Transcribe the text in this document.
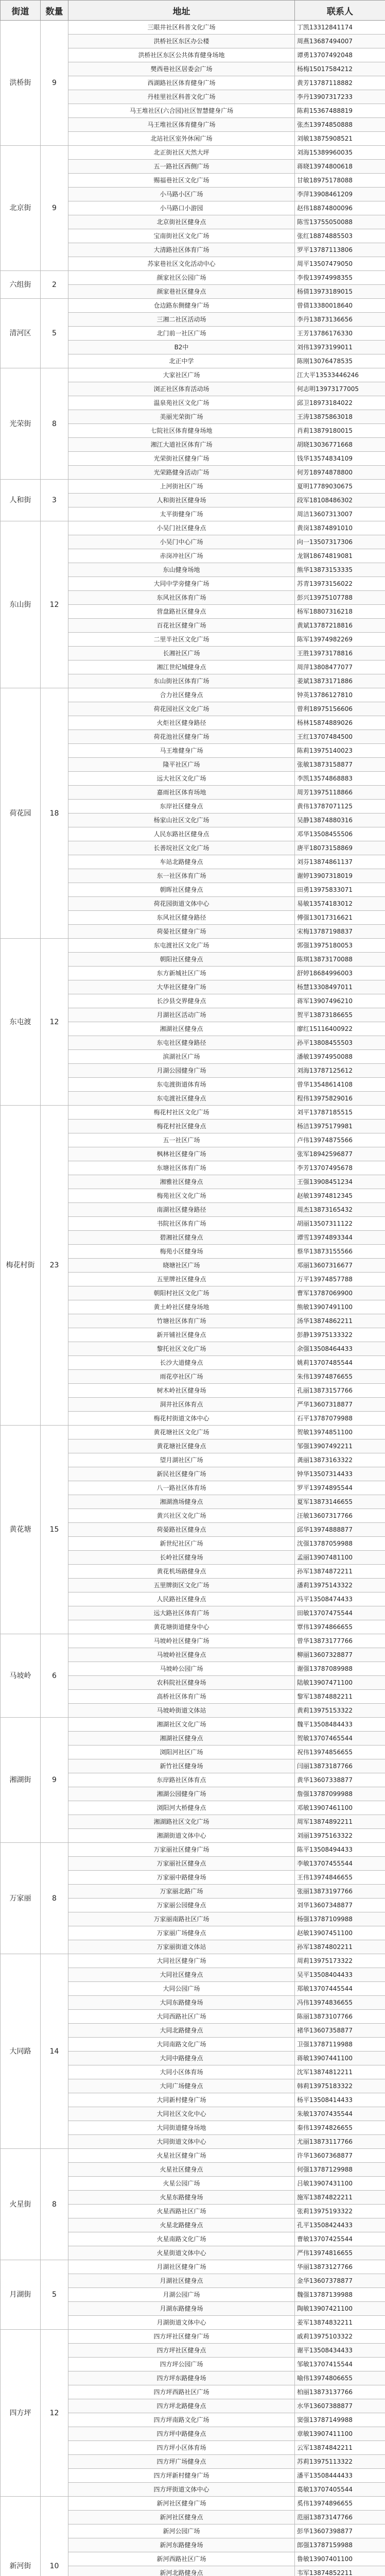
街道	数量	地址	联系人
洪桥街	9	三眼井社区科普文化广场	丁凯13312841174
		洪桥社区东区办公楼	周燕13687494007
		洪桥社区东区公共体育健身场地	谭勇13707492048
		樊西巷社区居委会广场	杨梅15017584212
		西湖路社区体育健身广场	黄芳13787118882
		丹桂里社区科普文化广场	李丹13907317233
		马王堆社区(六合园)社区智慧健身广场	陈莉15367488819
		马王堆社区体育健身广场	张杰13974850888
		北站社区室外休闲广场	刘敏13875908521
北京街	9	北正街社区天然大坪	刘海15389960035
		五一路社区西侧广场	蒋晓13974800618
		赐福巷社区文化广场	甘敏18975178088
		小马路小区广场	李萍13908461209
		小马路口小游园	赵伟18874800096
		北京街社区健身点	陈雪13755050088
		宝南街社区文化广场	张红18874885503
		大清路社区体育广场	罗平13787113806
		苏家巷社区文化活动中心	周平13507479050
六组街	2	颜家社区公园广场	李俊13974998355
		颜家巷社区健身点	杨倩13973189015
清河区	5	仓边路东侧健身广场	曾倩13380018640
		三湘二社区活动场	李丹13873136656
		北门前一社区广场	王芳13786176330
		B2中	刘伟13973199011
		北正中学	陈刚13076478535
光荣街	8	大家社区广场	江大平13533446246
		浏正社区体育活动场	何志明13973177005
		温泉苑社区文化广场	邱卫18973184022
		美丽光荣街广场	王涛13875863018
		七院社区体育健身场地	肖莉13879180015
		湘江大道社区体育广场	胡晓13036771668
		光荣街社区健身广场	钱华13574834109
		光荣路健身活动广场	何芳18974878800
人和街	3	上河街社区广场	夏明17789030675
		人和街社区健身场	段军18108486302
		太平街健身广场	周洁13607313007
东山街	12	小吴门社区健身点	黄岗13874891010
		小吴门中心广场	向一13507317306
		赤岗冲社区广场	龙钢18674819081
		东山健身场地	熊华13873153335
		大同中学旁健身广场	苏青13973156022
		东风社区体育广场	彭兴13975107788
		营盘路社区健身点	杨军18807316218
		百花社区健身广场	黄斌13787218816
		二里半社区文化广场	陈军13974982269
		长湘社区广场	王胜13973178816
		湘江世纪城健身点	周萍13808477077
		东山街社区体育广场	姜斌13873171886
荷花园	18	合力社区健身点	钟英13786127810
		荷花园社区文化广场	曾利18975156606
		火炬社区健身路径	杨林15874889026
		荷花池社区健身广场	王红13707484500
		马王堆健身广场	陈莉13975140023
		隆平社区广场	张敏13873158877
		远大社区文化广场	李凯13574868883
		嘉雨社区体育场地	周芳13975118866
		东岸社区健身点	黄伟13787071125
		杨家山社区文化广场	吴静13874880316
		人民东路社区健身点	邓华13508455506
		长善垸社区文化广场	唐平18073158869
		车站北路健身点	刘芬13874861137
		东一社区体育广场	谢婷13907318019
		朝晖社区健身点	田勇13975833071
		荷花园街道文体中心	易敏13574183012
		东风社区健身路径	傅强13017316621
		荷晏社区健身广场	宋梅13787198837
东屯渡	12	东屯渡社区文化广场	郭强13975180053
		朝阳社区健身点	陈琪13873170088
		东方新城社区广场	舒婷18684996003
		大华社区健身广场	杨慧13308497011
		长沙县交界健身点	蒋军13907496210
		月湖社区活动广场	贺平13873186655
		湘湖社区健身点	廖红15116400922
		东屯社区健身路径	孙平13808455503
		滨湖社区广场	潘敏13974950088
		月湖公园健身广场	刘海13787125612
		东屯渡街道体育场	曾华13548614108
		东屯渡社区健身点	程伟13975829016
梅花村街	23	梅花村社区文化广场	刘平13787185515
		梅花村社区健身点	杨洁13975179981
		五一社区广场	卢伟13974875566
		枫林社区健身广场	张军18942596877
		东塘社区体育广场	李芳13707495678
		湘雅社区健身点	王强13908451234
		梅苑社区文化广场	赵敏13974812345
		南湖社区健身路径	周杰13873165432
		书院社区体育广场	胡丽13507311122
		碧湘社区健身点	谭雪13974893344
		梅苑小区健身场	蔡华13873155566
		晓塘社区广场	邓丽13607316677
		五里牌社区健身点	万平13974857788
		朝阳村社区文化广场	曹军13787069900
		黄土岭社区健身场地	熊敏13907491100
		竹塘社区体育广场	汤华13874862211
		新开铺社区健身点	彭静13975133322
		黎托社区文化广场	余强13508464433
		长沙大道健身点	姚莉13707485544
		雨花亭社区广场	朱伟13974876655
		树木岭社区健身场	孔丽13873157766
		洞井社区体育点	严华13607318877
		梅花村街道文体中心	石平13787079988
黄花塘	15	黄花塘社区文化广场	贺敏13974851100
		黄花塘社区健身点	邹强13907492211
		望月湖社区广场	龚丽13873163322
		新民社区健身广场	钟华13507314433
		八一路社区体育场	罗平13974895544
		湘湖渔场健身点	夏军13873146655
		黄兴社区文化广场	汪敏13607317766
		荷晏路社区健身点	邱华13974888877
		新世纪社区广场	沈强13787059988
		长岭社区健身场	孟丽13907481100
		黄花机场路健身点	孙军13874872211
		五里牌街区文化广场	潘莉13975143322
		人民路社区健身点	冯平13508474433
		远大路社区体育广场	田敏13707475544
		黄花塘街道健身中心	覃伟13974866655
马坡岭	6	马坡岭社区健身广场	曾华13873177766
		马坡岭社区健身点	柳丽13607328877
		马坡岭公园广场	谢强13787089988
		农科院社区健身场	陆敏13907471100
		高桥社区体育广场	黎军13874882211
		马坡岭街道文体站	黄莉13975153322
湘湖街	9	湘湖社区文化广场	魏平13508484433
		湘湖社区健身点	贺敏13707465544
		浏阳河社区广场	祝伟13974856655
		新竹社区健身场	闫丽13873187766
		东岸路社区体育点	黄华13607338877
		湘湖公园健身广场	詹强13787099988
		浏阳河大桥健身点	邓敏13907461100
		湘湖路社区文化广场	周军13874892211
		湘湖街道文体中心	刘丽13975163322
万家丽	8	万家丽社区健身广场	陈平13508494433
		万家丽社区健身点	李敏13707455544
		万家丽中路健身场	王伟13974846655
		万家丽北路广场	张丽13873197766
		万家丽公园健身点	刘华13607348877
		万家丽南路社区广场	杨强13787109988
		万家丽广场健身点	赵敏13907451100
		万家丽街道文体站	孙军13874802211
大同路	14	大同社区健身广场	周莉13975173322
		大同社区健身点	吴平13508404433
		大同公园广场	郑敏13707445544
		大同东路健身场	冯伟13974836655
		大同西路社区广场	陈丽13873107766
		大同北路健身点	褚华13607358877
		大同南路文化广场	卫强13787119988
		大同中路健身点	蒋敏13907441100
		大同小区体育场	沈军13874812211
		大同广场健身点	韩莉13975183322
		大同新村健身广场	杨平13508414433
		大同社区文化中心	朱敏13707435544
		大同街道健身场地	秦伟13974826655
		大同街道文体中心	尤丽13873117766
火星街	8	火星社区健身广场	许华13607368877
		火星社区健身点	何强13787129988
		火星公园广场	吕敏13907431100
		火星东路健身场	施军13874822211
		火星西路社区广场	张莉13975193322
		火星北路健身点	孔平13508424433
		火星南路文化广场	曹敏13707425544
		火星街道文体中心	严伟13974816655
月湖街	5	月湖社区健身广场	华丽13873127766
		月湖社区健身点	金华13607378877
		月湖公园广场	魏强13787139988
		月湖东路健身场	陶敏13907421100
		月湖街道文体中心	姜军13874832211
四方坪	12	四方坪社区健身广场	戚莉13975103322
		四方坪社区健身点	谢平13508434433
		四方坪公园广场	邹敏13707415544
		四方坪东路健身场	喻伟13974806655
		四方坪西路社区广场	柏丽13873137766
		四方坪北路健身点	水华13607388877
		四方坪南路文化广场	窦强13787149988
		四方坪中路健身点	章敏13907411100
		四方坪小区体育场	云军13874842211
		四方坪广场健身点	苏莉13975113322
		四方坪新村健身广场	潘平13508444433
		四方坪街道文体中心	葛敏13707405544
新河街	10	新河社区健身广场	奚伟13974896655
		新河社区健身点	范丽13873147766
		新河公园广场	彭华13607398877
		新河东路健身场	郎强13787159988
		新河西路社区广场	鲁敏13907401100
		新河北路健身点	韦军13874852211
